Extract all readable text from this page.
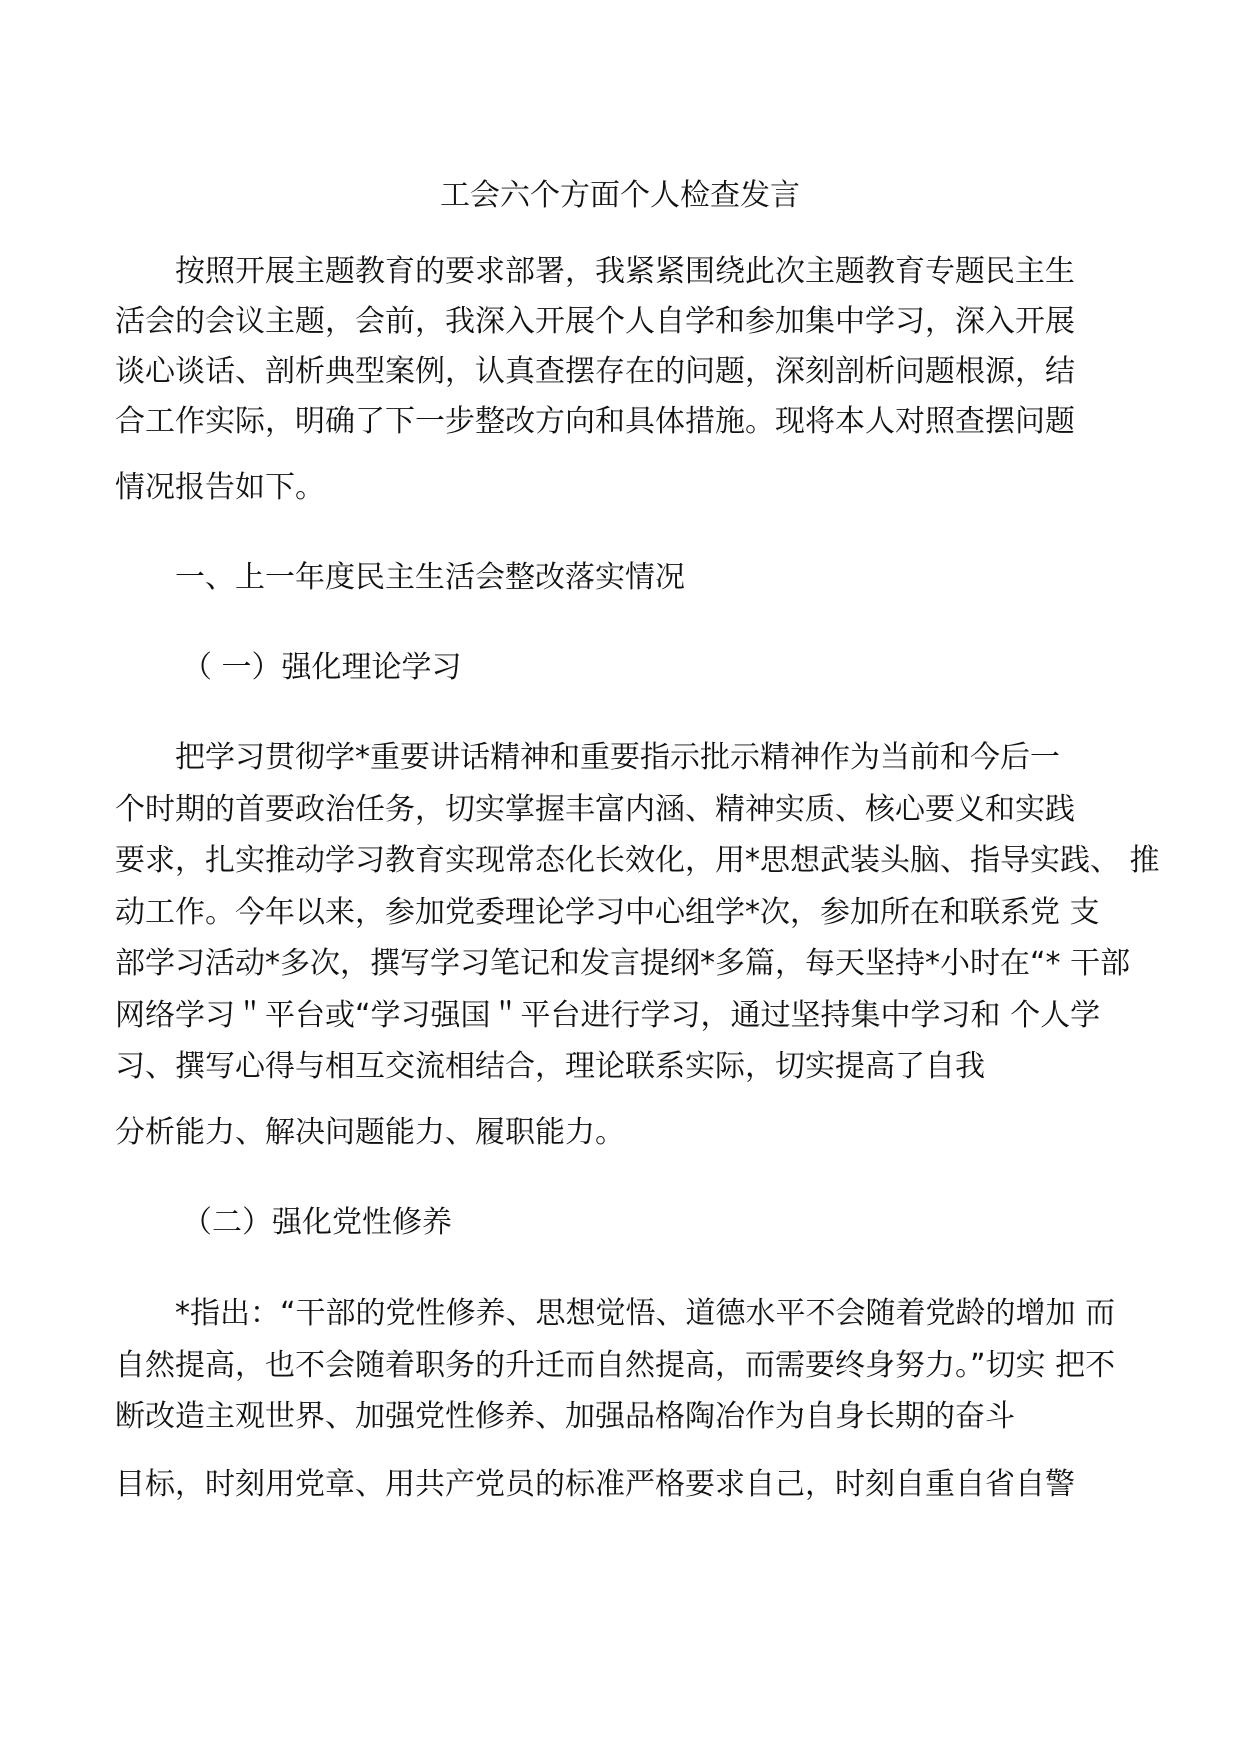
工会六个方面个人检查发言
按照开展主题教育的要求部署，我紧紧围绕此次主题教育专题民主生
活会的会议主题，会前，我深入开展个人自学和参加集中学习，深入开展
谈心谈话、剖析典型案例，认真查摆存在的问题，深刻剖析问题根源，结
合工作实际，明确了下一步整改方向和具体措施。现将本人对照查摆问题
情况报告如下。
一、上一年度民主生活会整改落实情况
（ 一）强化理论学习
把学习贯彻学*重要讲话精神和重要指示批示精神作为当前和今后一
个时期的首要政治任务，切实掌握丰富内涵、精神实质、核心要义和实践
要求，扎实推动学习教育实现常态化长效化，用*思想武装头脑、指导实践、 推
动工作。今年以来，参加党委理论学习中心组学*次，参加所在和联系党 支
部学习活动*多次，撰写学习笔记和发言提纲*多篇，每天坚持*小时在“* 干部
网络学习＂平台或“学习强国＂平台进行学习，通过坚持集中学习和 个人学
习、撰写心得与相互交流相结合，理论联系实际，切实提高了自我
分析能力、解决问题能力、履职能力。
（二）强化党性修养
*指出：“干部的党性修养、思想觉悟、道德水平不会随着党龄的增加 而
自然提高，也不会随着职务的升迁而自然提高，而需要终身努力。”切实 把不
断改造主观世界、加强党性修养、加强品格陶冶作为自身长期的奋斗
目标，时刻用党章、用共产党员的标准严格要求自己，时刻自重自省自警
